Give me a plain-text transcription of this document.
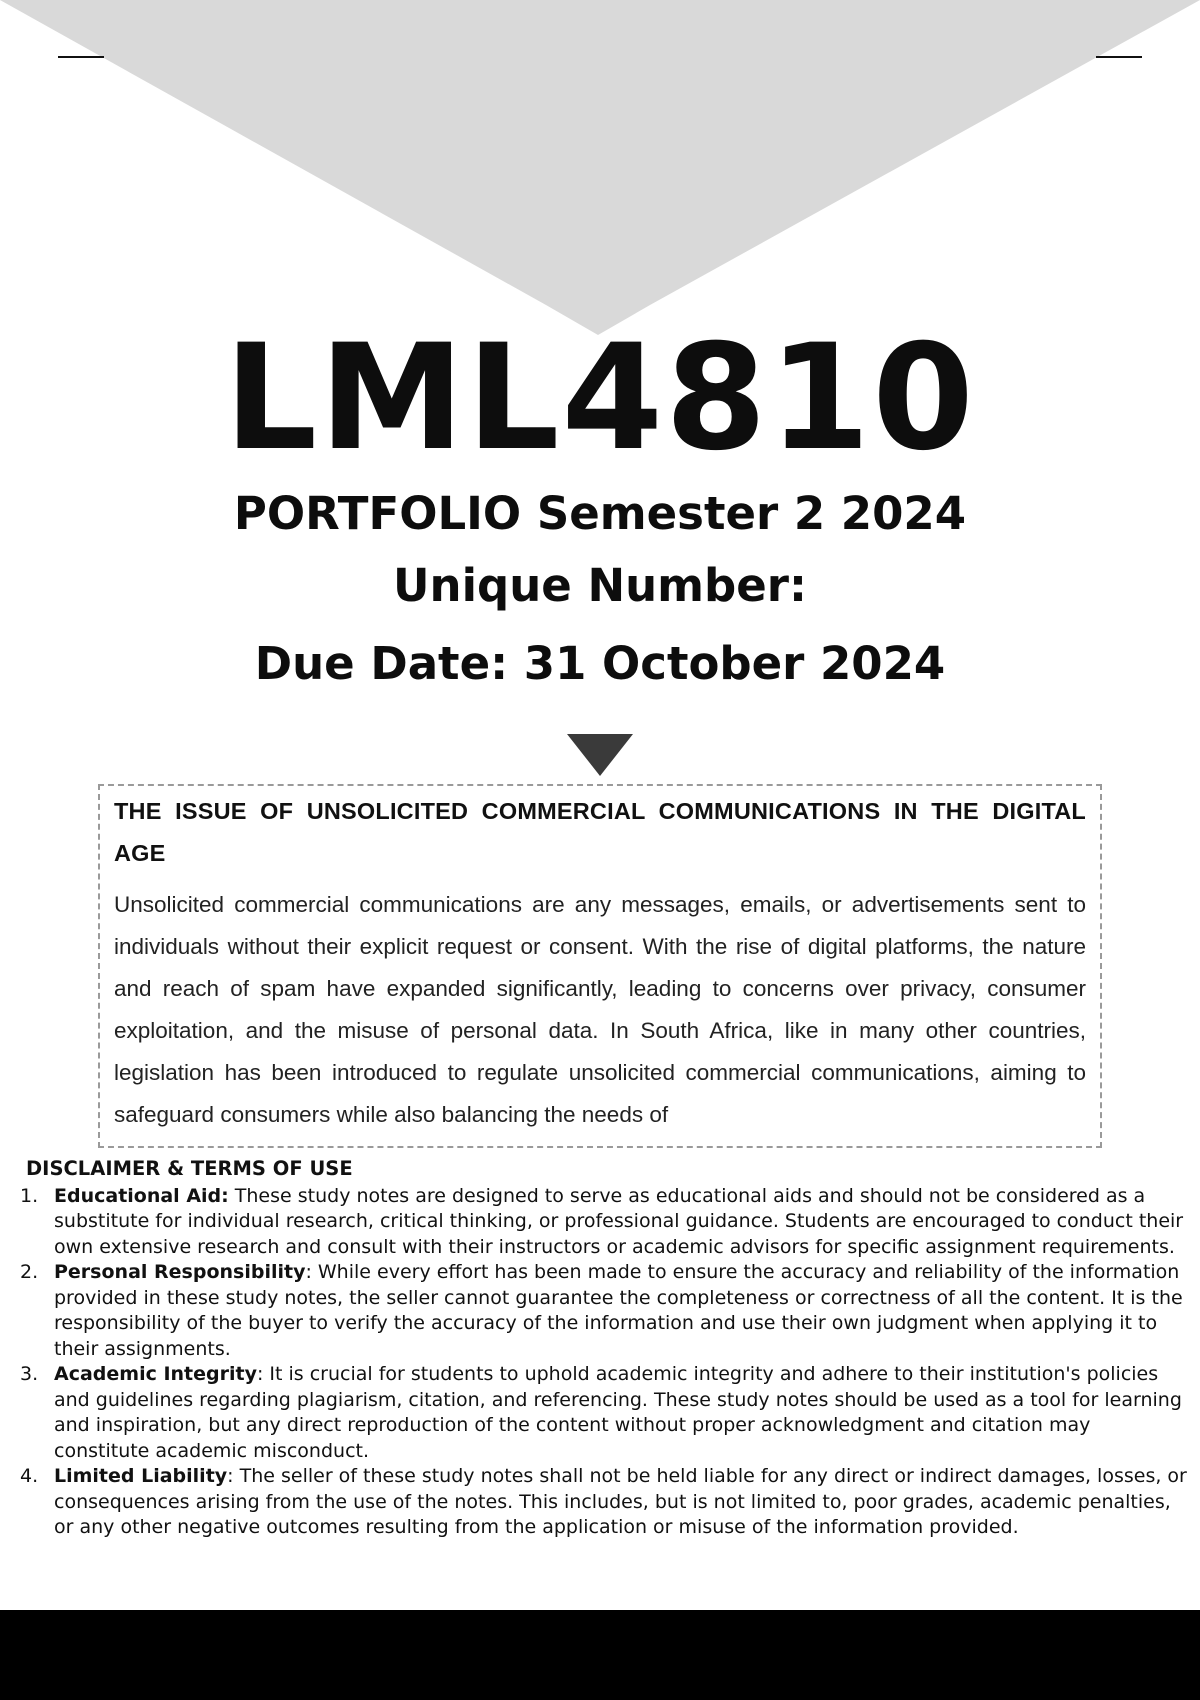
LML4810
PORTFOLIO Semester 2 2024
Unique Number:
Due Date: 31 October 2024
THE ISSUE OF UNSOLICITED COMMERCIAL COMMUNICATIONS IN THE DIGITAL AGE
Unsolicited commercial communications are any messages, emails, or advertisements sent to individuals without their explicit request or consent. With the rise of digital platforms, the nature and reach of spam have expanded significantly, leading to concerns over privacy, consumer exploitation, and the misuse of personal data. In South Africa, like in many other countries, legislation has been introduced to regulate unsolicited commercial communications, aiming to safeguard consumers while also balancing the needs of
DISCLAIMER & TERMS OF USE
1. Educational Aid: These study notes are designed to serve as educational aids and should not be considered as a substitute for individual research, critical thinking, or professional guidance. Students are encouraged to conduct their own extensive research and consult with their instructors or academic advisors for specific assignment requirements.
2. Personal Responsibility: While every effort has been made to ensure the accuracy and reliability of the information provided in these study notes, the seller cannot guarantee the completeness or correctness of all the content. It is the responsibility of the buyer to verify the accuracy of the information and use their own judgment when applying it to their assignments.
3. Academic Integrity: It is crucial for students to uphold academic integrity and adhere to their institution's policies and guidelines regarding plagiarism, citation, and referencing. These study notes should be used as a tool for learning and inspiration, but any direct reproduction of the content without proper acknowledgment and citation may constitute academic misconduct.
4. Limited Liability: The seller of these study notes shall not be held liable for any direct or indirect damages, losses, or consequences arising from the use of the notes. This includes, but is not limited to, poor grades, academic penalties, or any other negative outcomes resulting from the application or misuse of the information provided.
